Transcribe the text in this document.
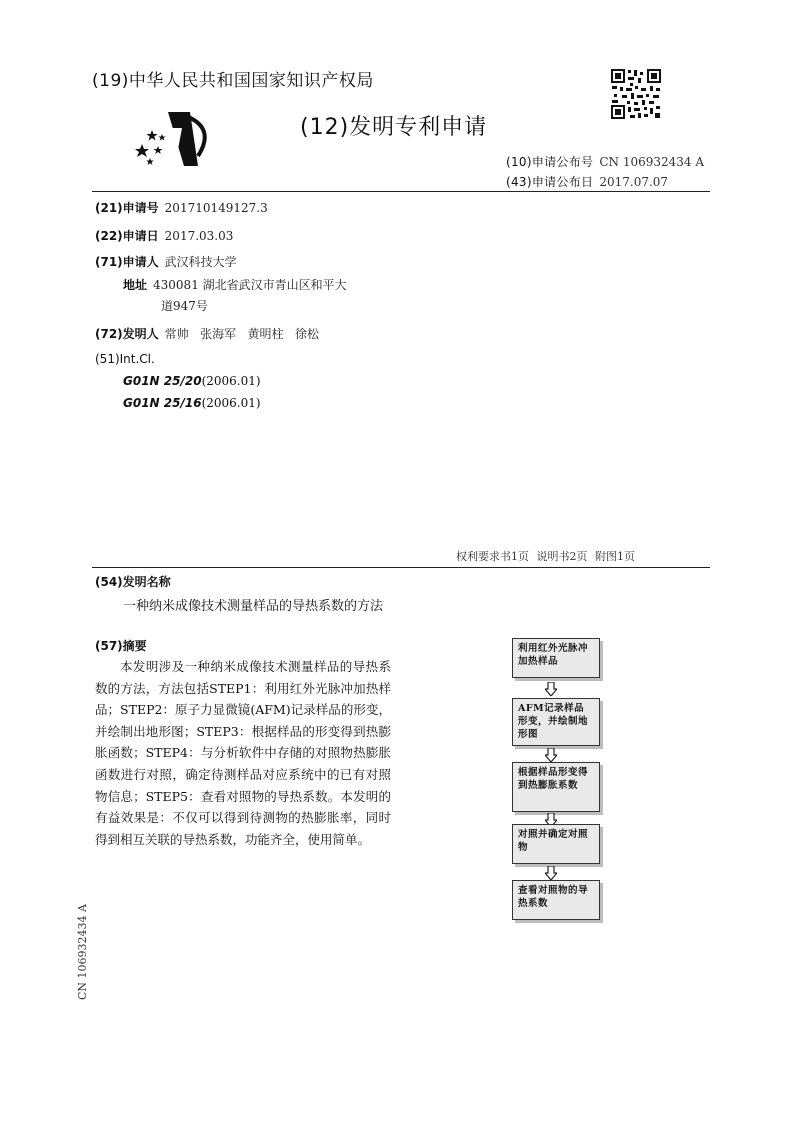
(19)中华人民共和国国家知识产权局
(12)发明专利申请
(10)申请公布号 CN 106932434 A
(43)申请公布日 2017.07.07
(21)申请号 201710149127.3
(22)申请日 2017.03.03
(71)申请人 武汉科技大学
地址 430081 湖北省武汉市青山区和平大
道947号
(72)发明人 常帅   张海军   黄明柱   徐松
(51)Int.Cl.
G01N 25/20(2006.01)
G01N 25/16(2006.01)
权利要求书1页 说明书2页 附图1页
(54)发明名称
一种纳米成像技术测量样品的导热系数的方法
(57)摘要
本发明涉及一种纳米成像技术测量样品的导热系数的方法，方法包括STEP1：利用红外光脉冲加热样品；STEP2：原子力显微镜(AFM)记录样品的形变，并绘制出地形图；STEP3：根据样品的形变得到热膨胀函数；STEP4：与分析软件中存储的对照物热膨胀函数进行对照，确定待测样品对应系统中的已有对照物信息；STEP5：查看对照物的导热系数。本发明的有益效果是：不仅可以得到待测物的热膨胀率，同时得到相互关联的导热系数，功能齐全，使用简单。
利用红外光脉冲加热样品
AFM记录样品形变，并绘制地形图
根据样品形变得到热膨胀系数
对照并确定对照物
查看对照物的导热系数
CN 106932434 A
